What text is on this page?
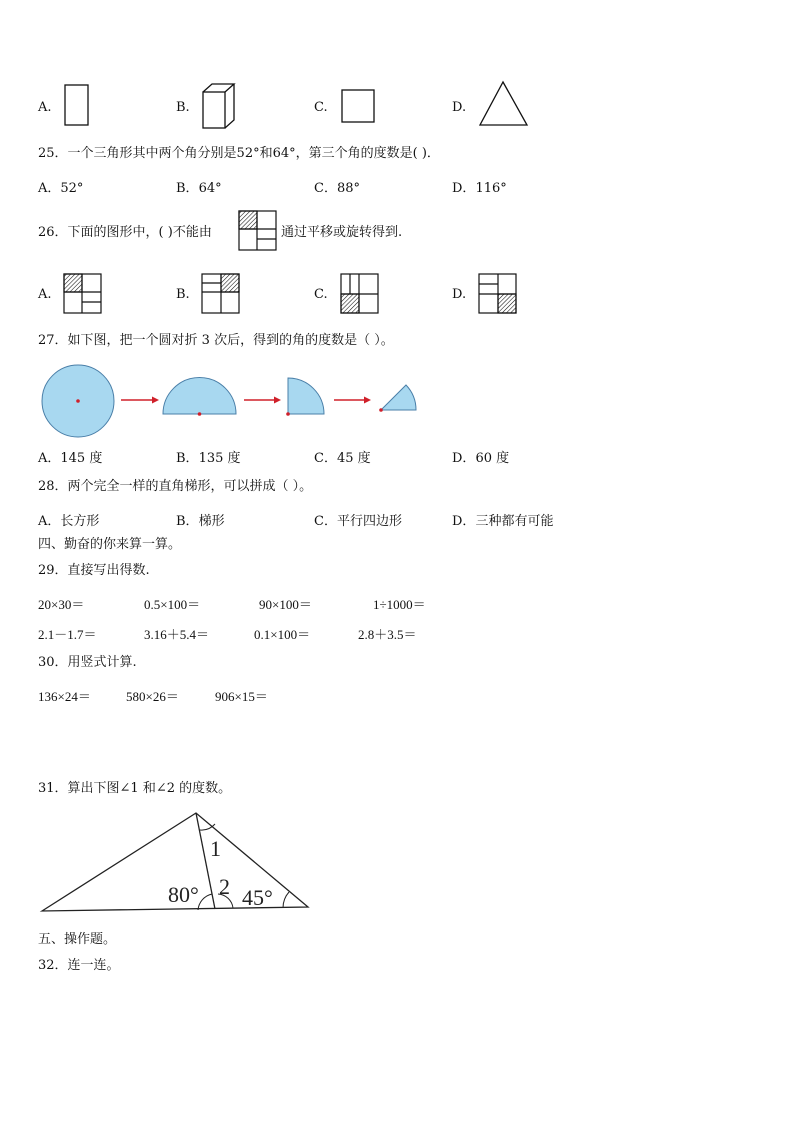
A.	B.	C.	D.
25．一个三角形其中两个角分别是52°和64°，第三个角的度数是( )．
A．52°	B．64°	C．88°	D．116°
26．下面的图形中，( )不能由	通过平移或旋转得到.
A.	B.	C.	D.
27．如下图，把一个圆对折 3 次后，得到的角的度数是（ ）。
A．145 度	B．135 度	C．45 度	D．60 度
28．两个完全一样的直角梯形，可以拼成（ ）。
A．长方形	B．梯形	C．平行四边形	D．三种都有可能
四、勤奋的你来算一算。
29．直接写出得数.
20×30＝	0.5×100＝	90×100＝	1÷1000＝
2.1－1.7＝	3.16＋5.4＝	0.1×100＝	2.8＋3.5＝
30．用竖式计算.
136×24＝	580×26＝	906×15＝
31．算出下图∠1 和∠2 的度数。
1
2
80° 45°
五、操作题。
32．连一连。
